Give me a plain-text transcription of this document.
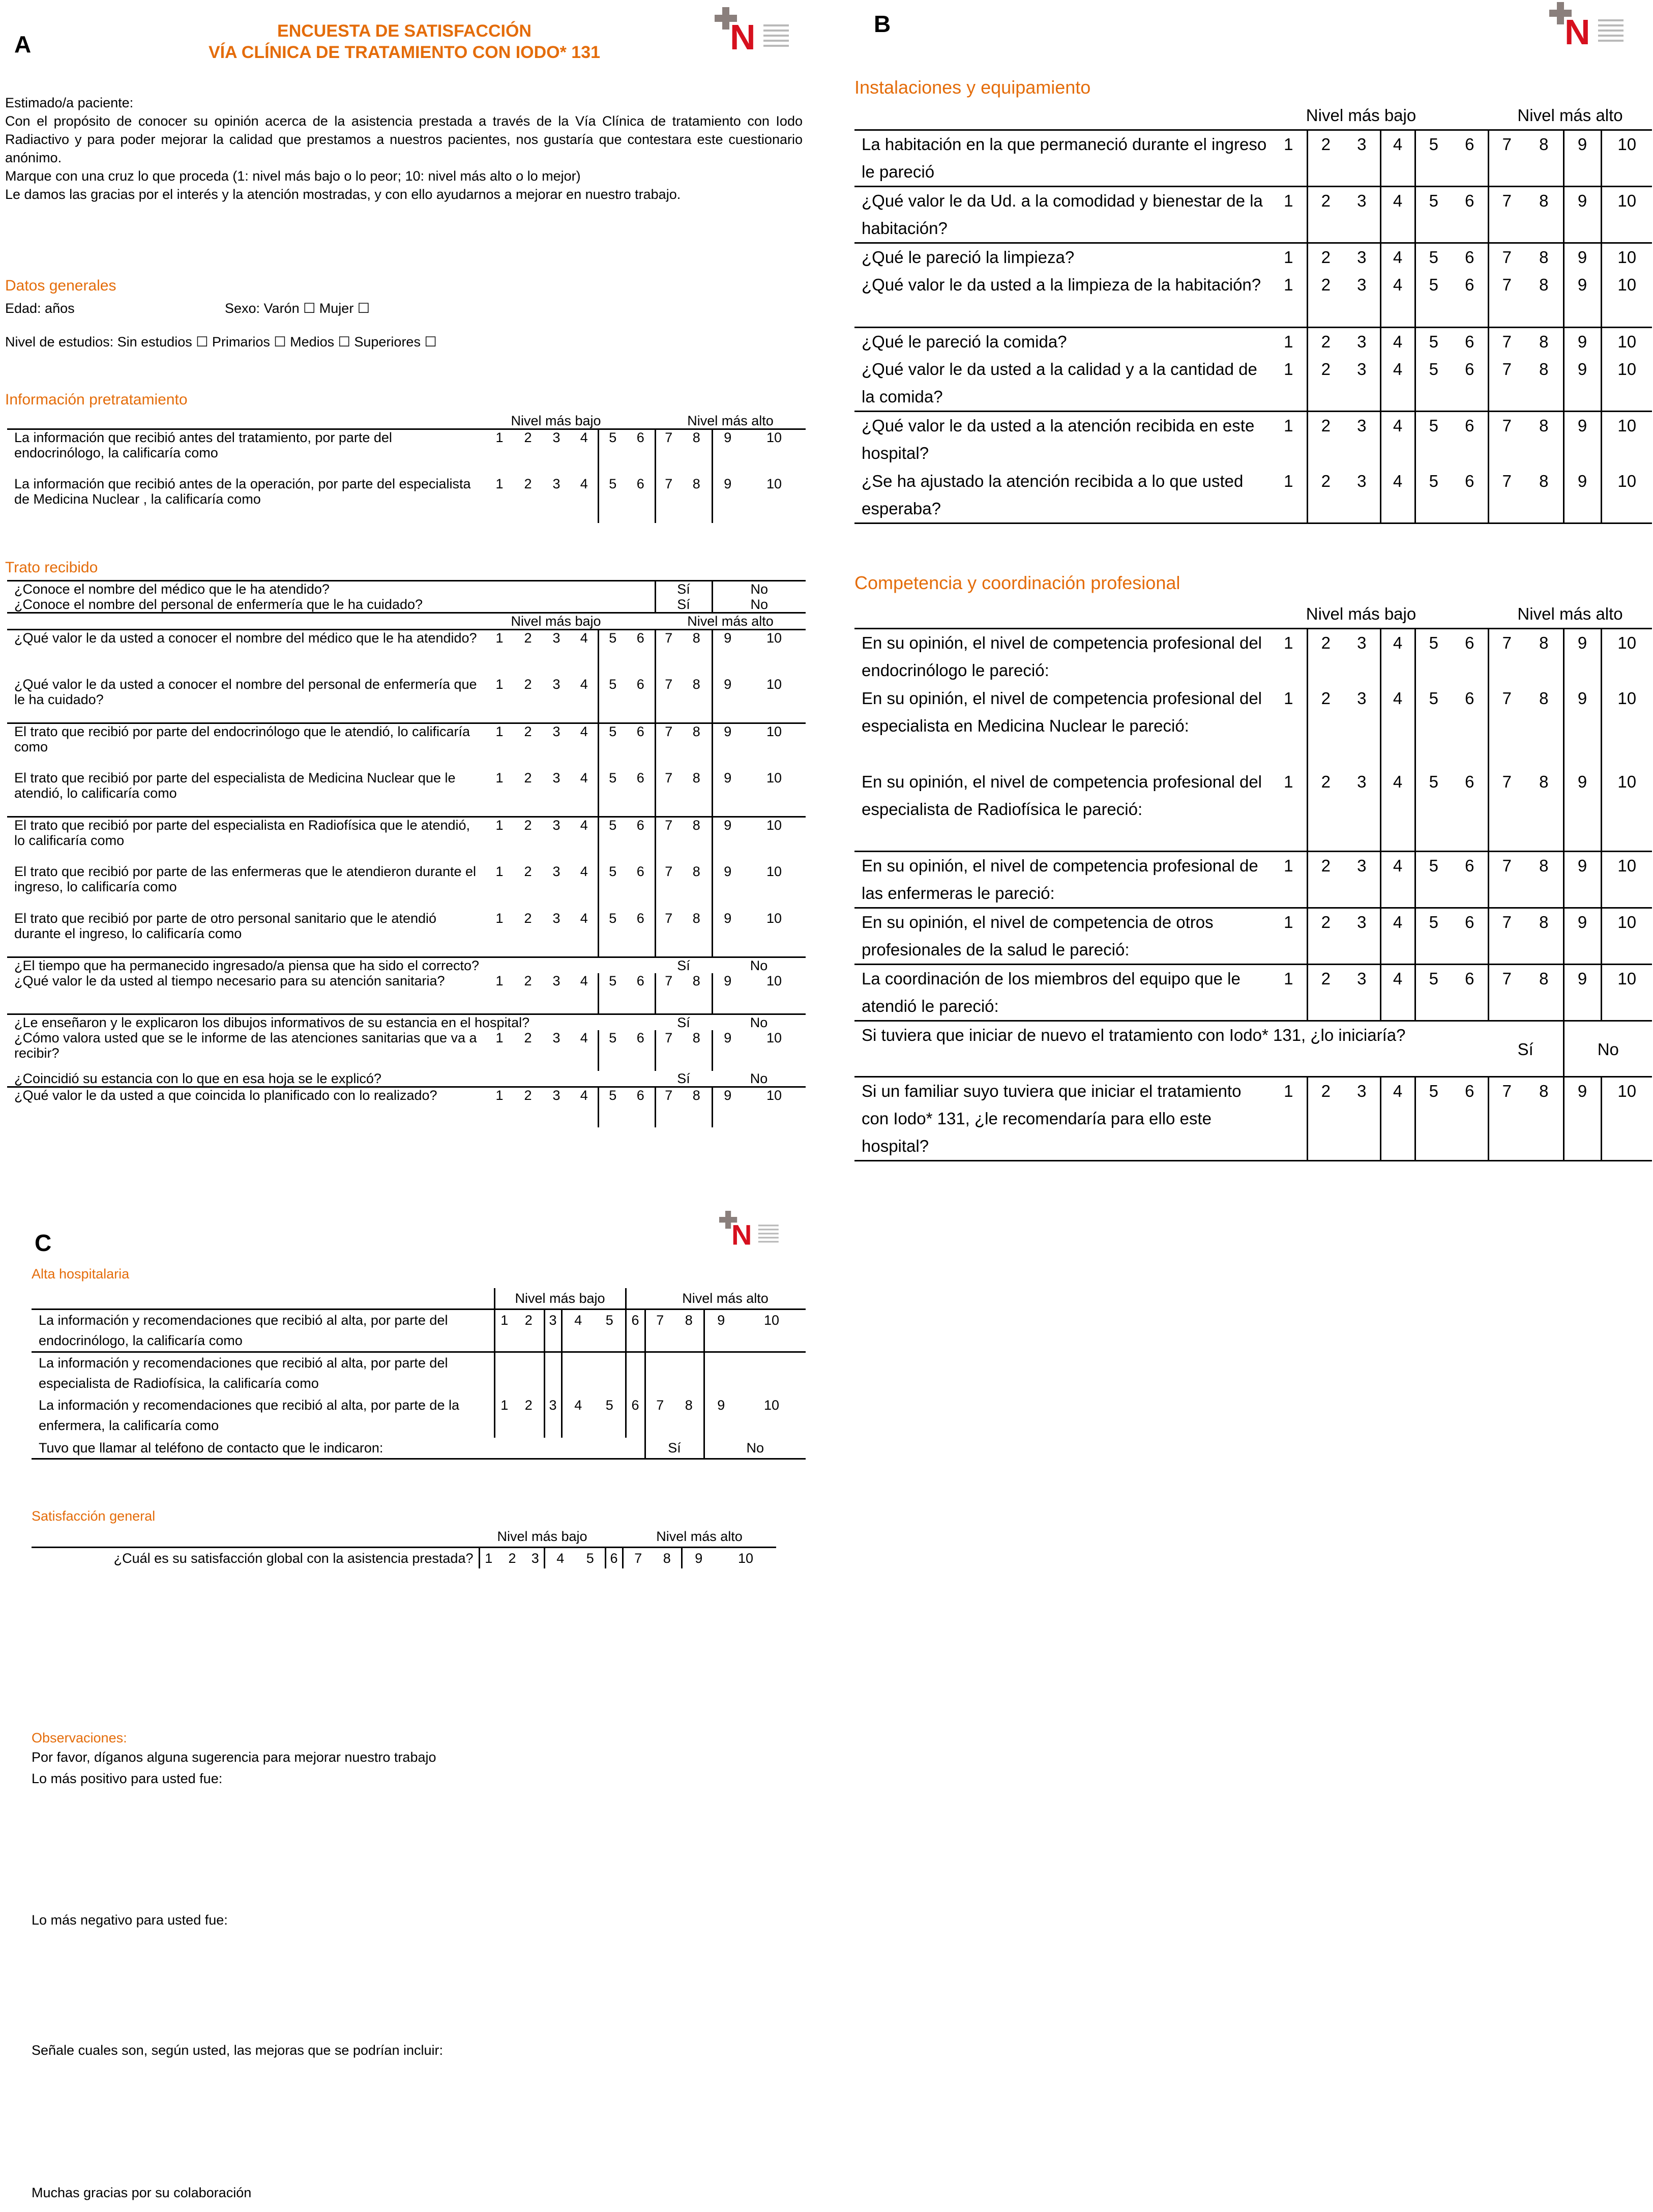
A	N
ENCUESTA DE SATISFACCIÓN
VÍA CLÍNICA DE TRATAMIENTO CON IODO* 131
Estimado/a paciente:
Con el propósito de conocer su opinión acerca de la asistencia prestada a través de la Vía Clínica de tratamiento con Iodo Radiactivo y para poder mejorar la calidad que prestamos a nuestros pacientes, nos gustaría que contestara este cuestionario anónimo.
Marque con una cruz lo que proceda (1: nivel más bajo o lo peor; 10: nivel más alto o lo mejor)
Le damos las gracias por el interés y la atención mostradas, y con ello ayudarnos a mejorar en nuestro trabajo.
Datos generales
Edad: años	Sexo: Varón ☐ Mujer ☐
Nivel de estudios: Sin estudios ☐ Primarios ☐ Medios ☐ Superiores ☐
Información pretratamiento
	Nivel más bajo						Nivel más alto			
La información que recibió antes del tratamiento, por parte del endocrinólogo, la calificaría como	1	2	3	4	5	6	7	8	9	10
La información que recibió antes de la operación, por parte del especialista de Medicina Nuclear , la calificaría como	1	2	3	4	5	6	7	8	9	10
Trato recibido
¿Conoce el nombre del médico que le ha atendido?							Sí		No	
¿Conoce el nombre del personal de enfermería que le ha cuidado?							Sí		No	
	Nivel más bajo						Nivel más alto			
¿Qué valor le da usted a conocer el nombre del médico que le ha atendido?	1	2	3	4	5	6	7	8	9	10
¿Qué valor le da usted a conocer el nombre del personal de enfermería que le ha cuidado?	1	2	3	4	5	6	7	8	9	10
El trato que recibió por parte del endocrinólogo que le atendió, lo calificaría como	1	2	3	4	5	6	7	8	9	10
El trato que recibió por parte del especialista de Medicina Nuclear que le atendió, lo calificaría como	1	2	3	4	5	6	7	8	9	10
El trato que recibió por parte del especialista en Radiofísica que le atendió, lo calificaría como	1	2	3	4	5	6	7	8	9	10
El trato que recibió por parte de las enfermeras que le atendieron durante el ingreso, lo calificaría como	1	2	3	4	5	6	7	8	9	10
El trato que recibió por parte de otro personal sanitario que le atendió durante el ingreso, lo calificaría como	1	2	3	4	5	6	7	8	9	10
¿El tiempo que ha permanecido ingresado/a piensa que ha sido el correcto?							Sí		No	
¿Qué valor le da usted al tiempo necesario para su atención sanitaria?	1	2	3	4	5	6	7	8	9	10
¿Le enseñaron y le explicaron los dibujos informativos de su estancia en el hospital?							Sí		No	
¿Cómo valora usted que se le informe de las atenciones sanitarias que va a recibir?	1	2	3	4	5	6	7	8	9	10
¿Coincidió su estancia con lo que en esa hoja se le explicó?							Sí		No	
¿Qué valor le da usted a que coincida lo planificado con lo realizado?	1	2	3	4	5	6	7	8	9	10
B	N
Instalaciones y equipamiento
	Nivel más bajo						Nivel más alto			
La habitación en la que permaneció durante el ingreso le pareció	1	2	3	4	5	6	7	8	9	10
¿Qué valor le da Ud. a la comodidad y bienestar de la habitación?	1	2	3	4	5	6	7	8	9	10
¿Qué le pareció la limpieza?	1	2	3	4	5	6	7	8	9	10
¿Qué valor le da usted a la limpieza de la habitación?	1	2	3	4	5	6	7	8	9	10
¿Qué le pareció la comida?	1	2	3	4	5	6	7	8	9	10
¿Qué valor le da usted a la calidad y a la cantidad de la comida?	1	2	3	4	5	6	7	8	9	10
¿Qué valor le da usted a la atención recibida en este hospital?	1	2	3	4	5	6	7	8	9	10
¿Se ha ajustado la atención recibida a lo que usted esperaba?	1	2	3	4	5	6	7	8	9	10
Competencia y coordinación profesional
	Nivel más bajo						Nivel más alto			
En su opinión, el nivel de competencia profesional del endocrinólogo le pareció:	1	2	3	4	5	6	7	8	9	10
En su opinión, el nivel de competencia profesional del especialista en Medicina Nuclear le pareció:	1	2	3	4	5	6	7	8	9	10
En su opinión, el nivel de competencia profesional del especialista de Radiofísica le pareció:	1	2	3	4	5	6	7	8	9	10
En su opinión, el nivel de competencia profesional de las enfermeras le pareció:	1	2	3	4	5	6	7	8	9	10
En su opinión, el nivel de competencia de otros profesionales de la salud le pareció:	1	2	3	4	5	6	7	8	9	10
La coordinación de los miembros del equipo que le atendió le pareció:	1	2	3	4	5	6	7	8	9	10
Si tuviera que iniciar de nuevo el tratamiento con Iodo* 131, ¿lo iniciaría?							Sí		No	
Si un familiar suyo tuviera que iniciar el tratamiento con Iodo* 131, ¿le recomendaría para ello este hospital?	1	2	3	4	5	6	7	8	9	10
C	N
Alta hospitalaria
	Nivel más bajo						Nivel más alto			
La información y recomendaciones que recibió al alta, por parte del endocrinólogo, la calificaría como	1	2	3	4	5	6	7	8	9	10
La información y recomendaciones que recibió al alta, por parte del especialista de Radiofísica, la calificaría como										
La información y recomendaciones que recibió al alta, por parte de la enfermera, la calificaría como	1	2	3	4	5	6	7	8	9	10
Tuvo que llamar al teléfono de contacto que le indicaron:							Sí		No	
Satisfacción general
	Nivel más bajo						Nivel más alto			
¿Cuál es su satisfacción global con la asistencia prestada?	1	2	3	4	5	6	7	8	9	10
Observaciones:
Por favor, díganos alguna sugerencia para mejorar nuestro trabajo
Lo más positivo para usted fue:
Lo más negativo para usted fue:
Señale cuales son, según usted, las mejoras que se podrían incluir:
Muchas gracias por su colaboración
